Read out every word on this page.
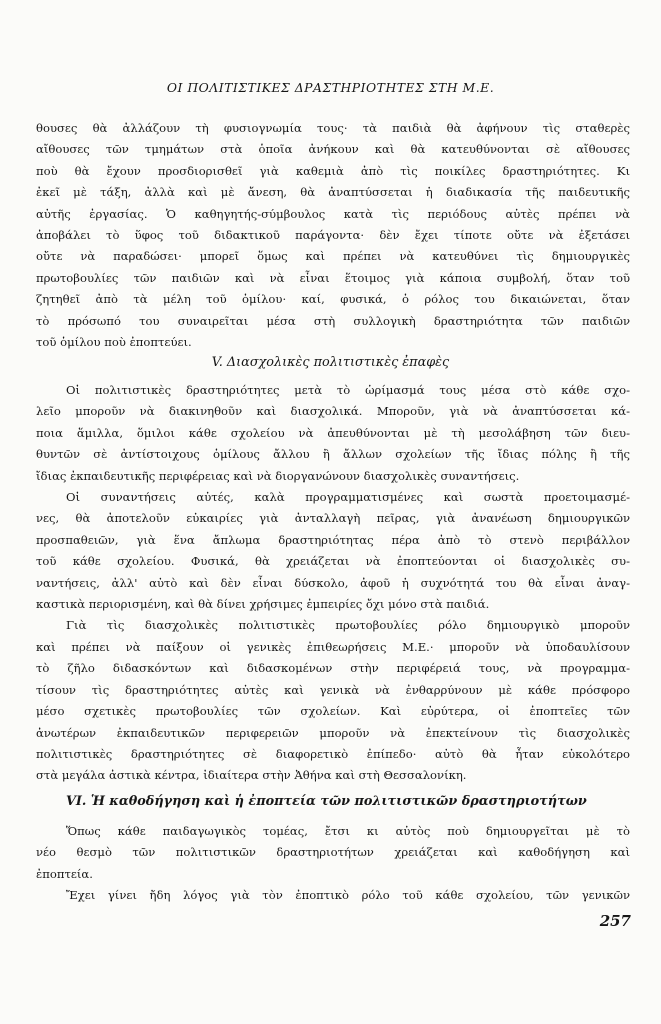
ΟΙ ΠΟΛΙΤΙΣΤΙΚΕΣ ΔΡΑΣΤΗΡΙΟΤΗΤΕΣ ΣΤΗ Μ.Ε.
θουσες θὰ ἀλλάζουν τὴ φυσιογνωμία τους· τὰ παιδιὰ θὰ ἀφήνουν τὶς σταθερὲς
αἴθουσες τῶν τμημάτων στὰ ὁποῖα ἀνήκουν καὶ θὰ κατευθύνονται σὲ αἴθουσες
ποὺ θὰ ἔχουν προσδιορισθεῖ γιὰ καθεμιὰ ἀπὸ τὶς ποικίλες δραστηριότητες. Κι
ἐκεῖ μὲ τάξη, ἀλλὰ καὶ μὲ ἄνεση, θὰ ἀναπτύσσεται ἡ διαδικασία τῆς παιδευτικῆς
αὐτῆς ἐργασίας. Ὁ καθηγητής-σύμβουλος κατὰ τὶς περιόδους αὐτὲς πρέπει νὰ
ἀποβάλει τὸ ὕφος τοῦ διδακτικοῦ παράγοντα· δὲν ἔχει τίποτε οὔτε νὰ ἐξετάσει
οὔτε νὰ παραδώσει· μπορεῖ ὅμως καὶ πρέπει νὰ κατευθύνει τὶς δημιουργικὲς
πρωτοβουλίες τῶν παιδιῶν καὶ νὰ εἶναι ἕτοιμος γιὰ κάποια συμβολή, ὅταν τοῦ
ζητηθεῖ ἀπὸ τὰ μέλη τοῦ ὁμίλου· καί, φυσικά, ὁ ρόλος του δικαιώνεται, ὅταν
τὸ πρόσωπό του συναιρεῖται μέσα στὴ συλλογικὴ δραστηριότητα τῶν παιδιῶν
τοῦ ὁμίλου ποὺ ἐποπτεύει.
V. Διασχολικὲς πολιτιστικὲς ἐπαφὲς
Οἱ πολιτιστικὲς δραστηριότητες μετὰ τὸ ὡρίμασμά τους μέσα στὸ κάθε σχο-
λεῖο μποροῦν νὰ διακινηθοῦν καὶ διασχολικά. Μποροῦν, γιὰ νὰ ἀναπτύσσεται κά-
ποια ἅμιλλα, ὅμιλοι κάθε σχολείου νὰ ἀπευθύνονται μὲ τὴ μεσολάβηση τῶν διευ-
θυντῶν σὲ ἀντίστοιχους ὁμίλους ἄλλου ἢ ἄλλων σχολείων τῆς ἴδιας πόλης ἢ τῆς
ἴδιας ἐκπαιδευτικῆς περιφέρειας καὶ νὰ διοργανώνουν διασχολικὲς συναντήσεις.
Οἱ συναντήσεις αὐτές, καλὰ προγραμματισμένες καὶ σωστὰ προετοιμασμέ-
νες, θὰ ἀποτελοῦν εὐκαιρίες γιὰ ἀνταλλαγὴ πεῖρας, γιὰ ἀνανέωση δημιουργικῶν
προσπαθειῶν, γιὰ ἕνα ἄπλωμα δραστηριότητας πέρα ἀπὸ τὸ στενὸ περιβάλλον
τοῦ κάθε σχολείου. Φυσικά, θὰ χρειάζεται νὰ ἐποπτεύονται οἱ διασχολικὲς συ-
ναντήσεις, ἀλλ' αὐτὸ καὶ δὲν εἶναι δύσκολο, ἀφοῦ ἡ συχνότητά του θὰ εἶναι ἀναγ-
καστικὰ περιορισμένη, καὶ θὰ δίνει χρήσιμες ἐμπειρίες ὄχι μόνο στὰ παιδιά.
Γιὰ τὶς διασχολικὲς πολιτιστικὲς πρωτοβουλίες ρόλο δημιουργικὸ μποροῦν
καὶ πρέπει νὰ παίξουν οἱ γενικὲς ἐπιθεωρήσεις Μ.Ε.· μποροῦν νὰ ὑποδαυλίσουν
τὸ ζῆλο διδασκόντων καὶ διδασκομένων στὴν περιφέρειά τους, νὰ προγραμμα-
τίσουν τὶς δραστηριότητες αὐτὲς καὶ γενικὰ νὰ ἐνθαρρύνουν μὲ κάθε πρόσφορο
μέσο σχετικὲς πρωτοβουλίες τῶν σχολείων. Καὶ εὐρύτερα, οἱ ἐποπτεῖες τῶν
ἀνωτέρων ἐκπαιδευτικῶν περιφερειῶν μποροῦν νὰ ἐπεκτείνουν τὶς διασχολικὲς
πολιτιστικὲς δραστηριότητες σὲ διαφορετικὸ ἐπίπεδο· αὐτὸ θὰ ἦταν εὐκολότερο
στὰ μεγάλα ἀστικὰ κέντρα, ἰδιαίτερα στὴν Ἀθήνα καὶ στὴ Θεσσαλονίκη.
VI. Ἡ καθοδήγηση καὶ ἡ ἐποπτεία τῶν πολιτιστικῶν δραστηριοτήτων
Ὅπως κάθε παιδαγωγικὸς τομέας, ἔτσι κι αὐτὸς ποὺ δημιουργεῖται μὲ τὸ
νέο θεσμὸ τῶν πολιτιστικῶν δραστηριοτήτων χρειάζεται καὶ καθοδήγηση καὶ
ἐποπτεία.
Ἔχει γίνει ἤδη λόγος γιὰ τὸν ἐποπτικὸ ρόλο τοῦ κάθε σχολείου, τῶν γενικῶν
257
